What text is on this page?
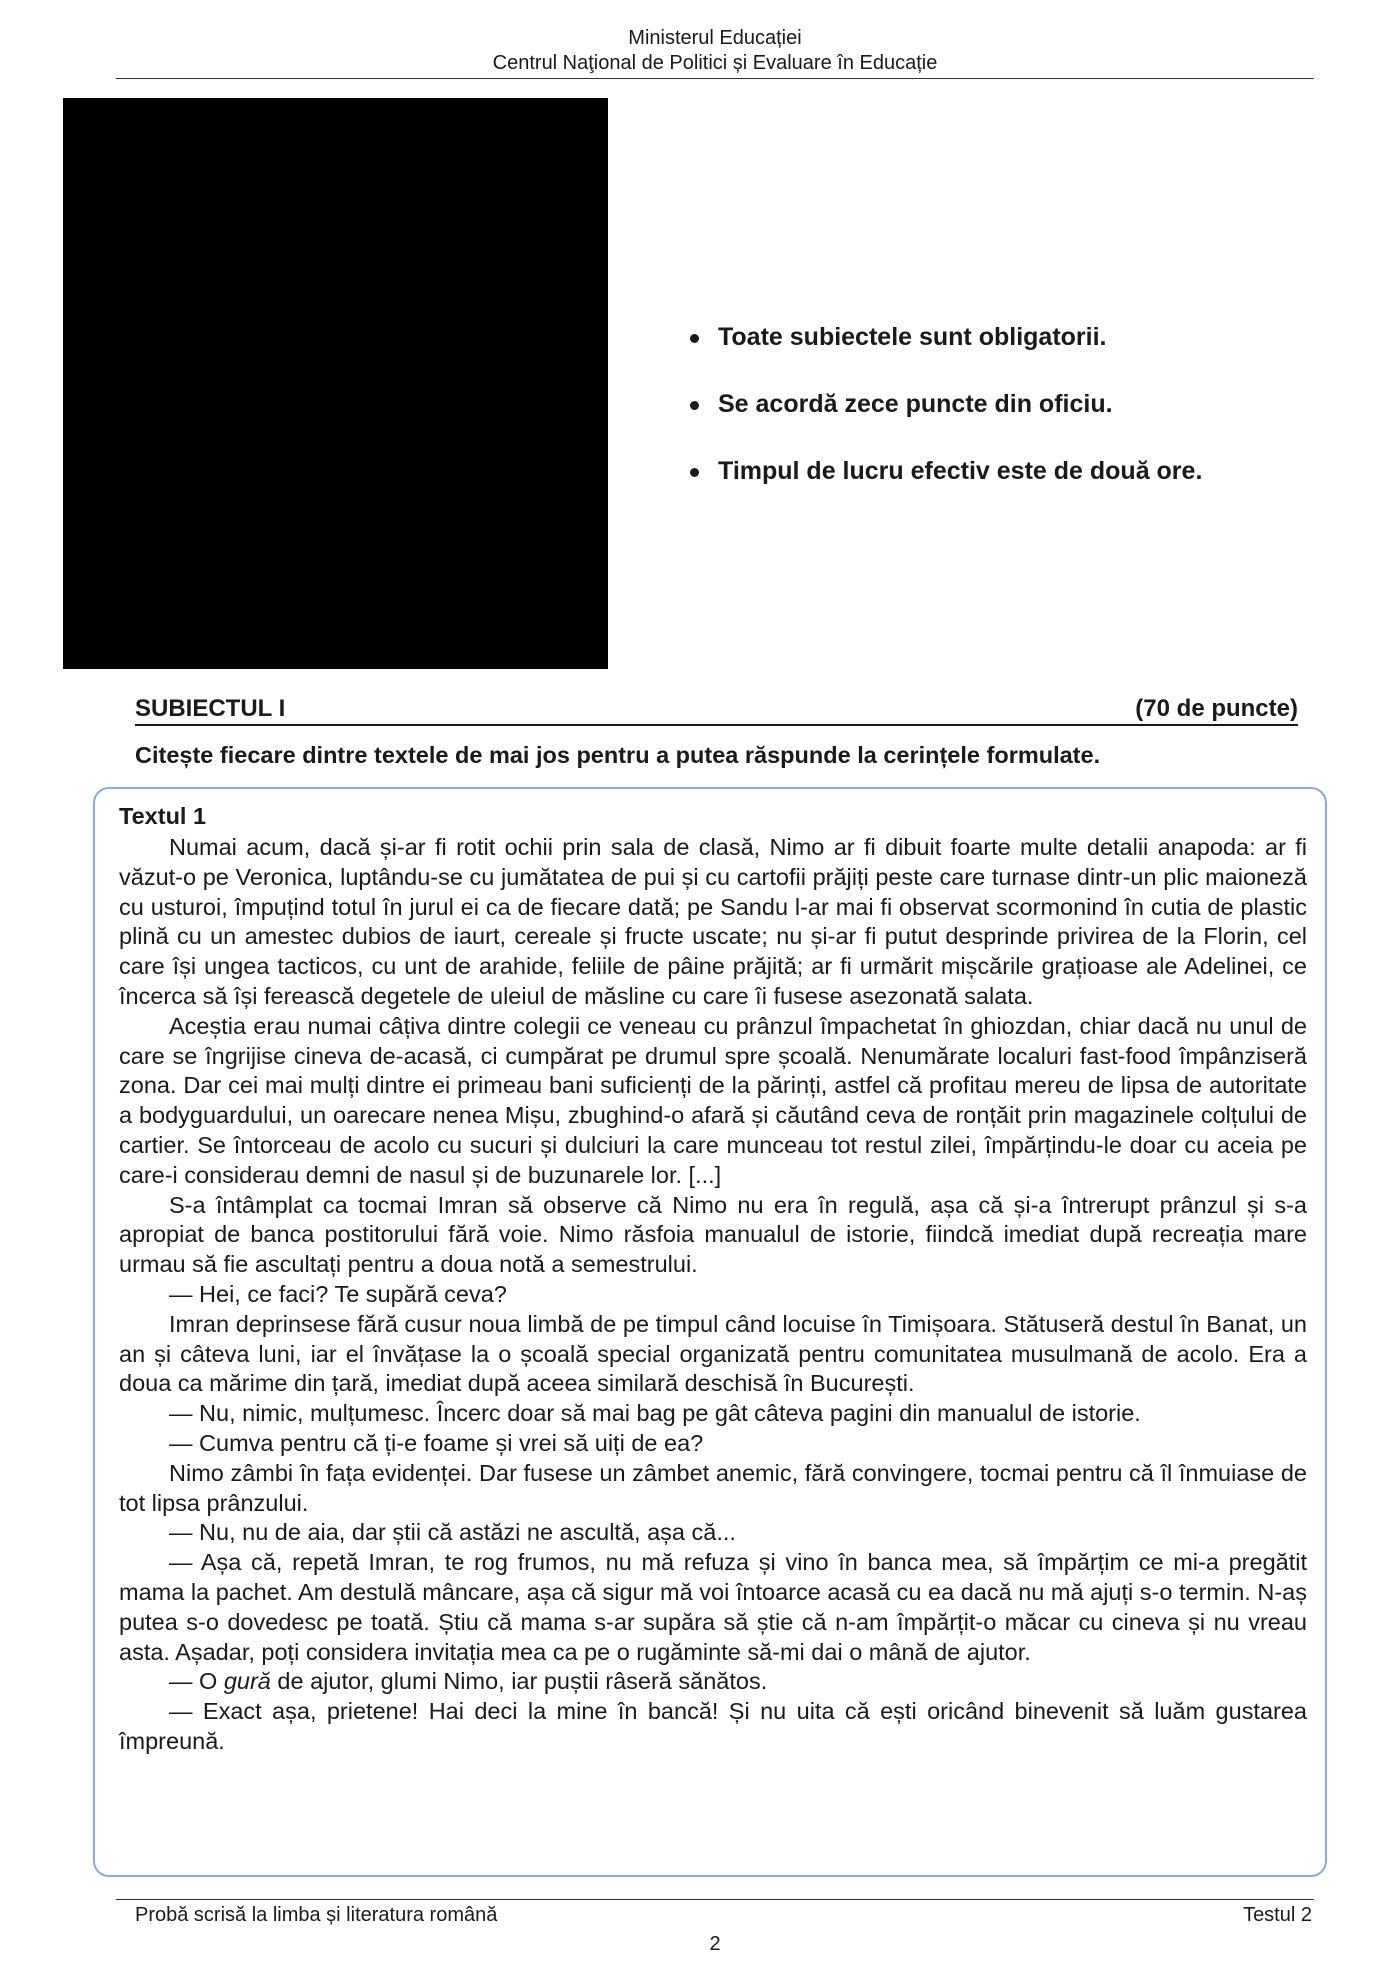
Ministerul Educației
Centrul Naţional de Politici și Evaluare în Educație
Toate subiectele sunt obligatorii.
Se acordă zece puncte din oficiu.
Timpul de lucru efectiv este de două ore.
SUBIECTUL I	(70 de puncte)
Citește fiecare dintre textele de mai jos pentru a putea răspunde la cerințele formulate.
Textul 1

Numai acum, dacă și-ar fi rotit ochii prin sala de clasă, Nimo ar fi dibuit foarte multe detalii anapoda: ar fi văzut-o pe Veronica, luptându-se cu jumătatea de pui și cu cartofii prăjiți peste care turnase dintr-un plic maioneză cu usturoi, împuțind totul în jurul ei ca de fiecare dată; pe Sandu l-ar mai fi observat scormonind în cutia de plastic plină cu un amestec dubios de iaurt, cereale și fructe uscate; nu și-ar fi putut desprinde privirea de la Florin, cel care își ungea tacticos, cu unt de arahide, feliile de pâine prăjită; ar fi urmărit mișcările grațioase ale Adelinei, ce încerca să își ferească degetele de uleiul de măsline cu care îi fusese asezonată salata.

Aceștia erau numai câțiva dintre colegii ce veneau cu prânzul împachetat în ghiozdan, chiar dacă nu unul de care se îngrijise cineva de-acasă, ci cumpărat pe drumul spre școală. Nenumărate localuri fast-food împânziseră zona. Dar cei mai mulți dintre ei primeau bani suficienți de la părinți, astfel că profitau mereu de lipsa de autoritate a bodyguardului, un oarecare nenea Mișu, zbughind-o afară și căutând ceva de ronțăit prin magazinele colțului de cartier. Se întorceau de acolo cu sucuri și dulciuri la care munceau tot restul zilei, împărțindu-le doar cu aceia pe care-i considerau demni de nasul și de buzunarele lor. [...]

S-a întâmplat ca tocmai Imran să observe că Nimo nu era în regulă, așa că și-a întrerupt prânzul și s-a apropiat de banca postitorului fără voie. Nimo răsfoia manualul de istorie, fiindcă imediat după recreația mare urmau să fie ascultați pentru a doua notă a semestrului.

— Hei, ce faci? Te supără ceva?

Imran deprinsese fără cusur noua limbă de pe timpul când locuise în Timișoara. Stătuseră destul în Banat, un an și câteva luni, iar el învățase la o școală special organizată pentru comunitatea musulmană de acolo. Era a doua ca mărime din țară, imediat după aceea similară deschisă în București.

— Nu, nimic, mulțumesc. Încerc doar să mai bag pe gât câteva pagini din manualul de istorie.

— Cumva pentru că ți-e foame și vrei să uiți de ea?

Nimo zâmbi în fața evidenței. Dar fusese un zâmbet anemic, fără convingere, tocmai pentru că îl înmuiase de tot lipsa prânzului.

— Nu, nu de aia, dar știi că astăzi ne ascultă, așa că...

— Așa că, repetă Imran, te rog frumos, nu mă refuza și vino în banca mea, să împărțim ce mi-a pregătit mama la pachet. Am destulă mâncare, așa că sigur mă voi întoarce acasă cu ea dacă nu mă ajuți s-o termin. N-aș putea s-o dovedesc pe toată. Știu că mama s-ar supăra să știe că n-am împărțit-o măcar cu cineva și nu vreau asta. Așadar, poți considera invitația mea ca pe o rugăminte să-mi dai o mână de ajutor.

— O gură de ajutor, glumi Nimo, iar puștii râseră sănătos.

— Exact așa, prietene! Hai deci la mine în bancă! Și nu uita că ești oricând binevenit să luăm gustarea împreună.

Probă scrisă la limba și literatura română	Testul 2
2
